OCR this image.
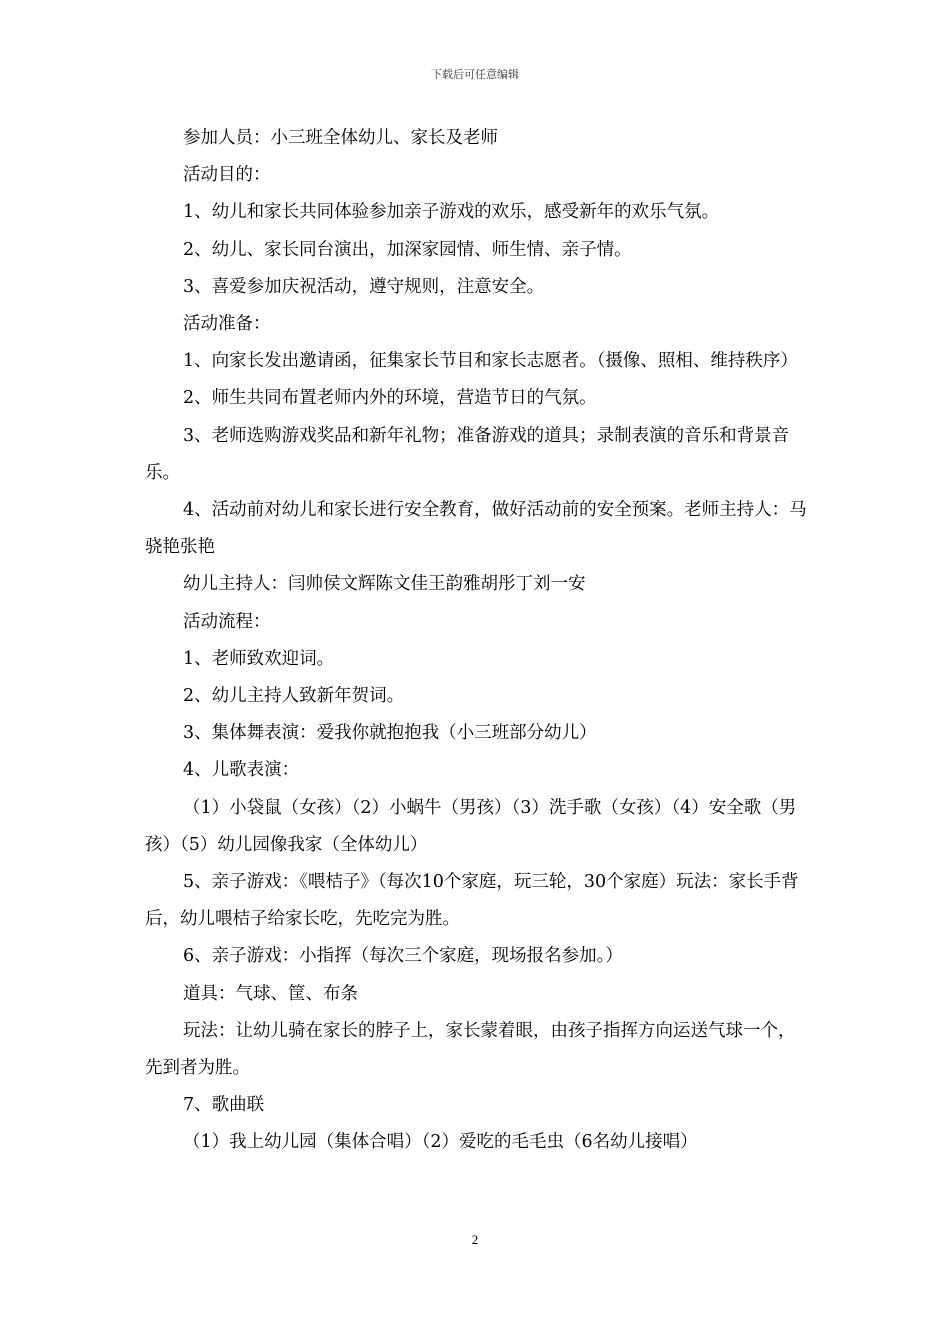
下载后可任意编辑

参加人员：小三班全体幼儿、家长及老师

活动目的：

1、幼儿和家长共同体验参加亲子游戏的欢乐，感受新年的欢乐气氛。

2、幼儿、家长同台演出，加深家园情、师生情、亲子情。

3、喜爱参加庆祝活动，遵守规则，注意安全。

活动准备：

1、向家长发出邀请函，征集家长节目和家长志愿者。（摄像、照相、维持秩序）

2、师生共同布置老师内外的环境，营造节日的气氛。

3、老师选购游戏奖品和新年礼物；准备游戏的道具；录制表演的音乐和背景音乐。

4、活动前对幼儿和家长进行安全教育，做好活动前的安全预案。老师主持人：马骁艳张艳

幼儿主持人：闫帅侯文辉陈文佳王韵雅胡彤丁刘一安

活动流程：

1、老师致欢迎词。

2、幼儿主持人致新年贺词。

3、集体舞表演：爱我你就抱抱我（小三班部分幼儿）

4、儿歌表演：

（1）小袋鼠（女孩）（2）小蜗牛（男孩）（3）洗手歌（女孩）（4）安全歌（男孩）（5）幼儿园像我家（全体幼儿）

5、亲子游戏：《喂桔子》（每次10个家庭，玩三轮，30个家庭）玩法：家长手背后，幼儿喂桔子给家长吃，先吃完为胜。

6、亲子游戏：小指挥（每次三个家庭，现场报名参加。）

道具：气球、筐、布条

玩法：让幼儿骑在家长的脖子上，家长蒙着眼，由孩子指挥方向运送气球一个，先到者为胜。

7、歌曲联

（1）我上幼儿园（集体合唱）（2）爱吃的毛毛虫（6名幼儿接唱）

2
